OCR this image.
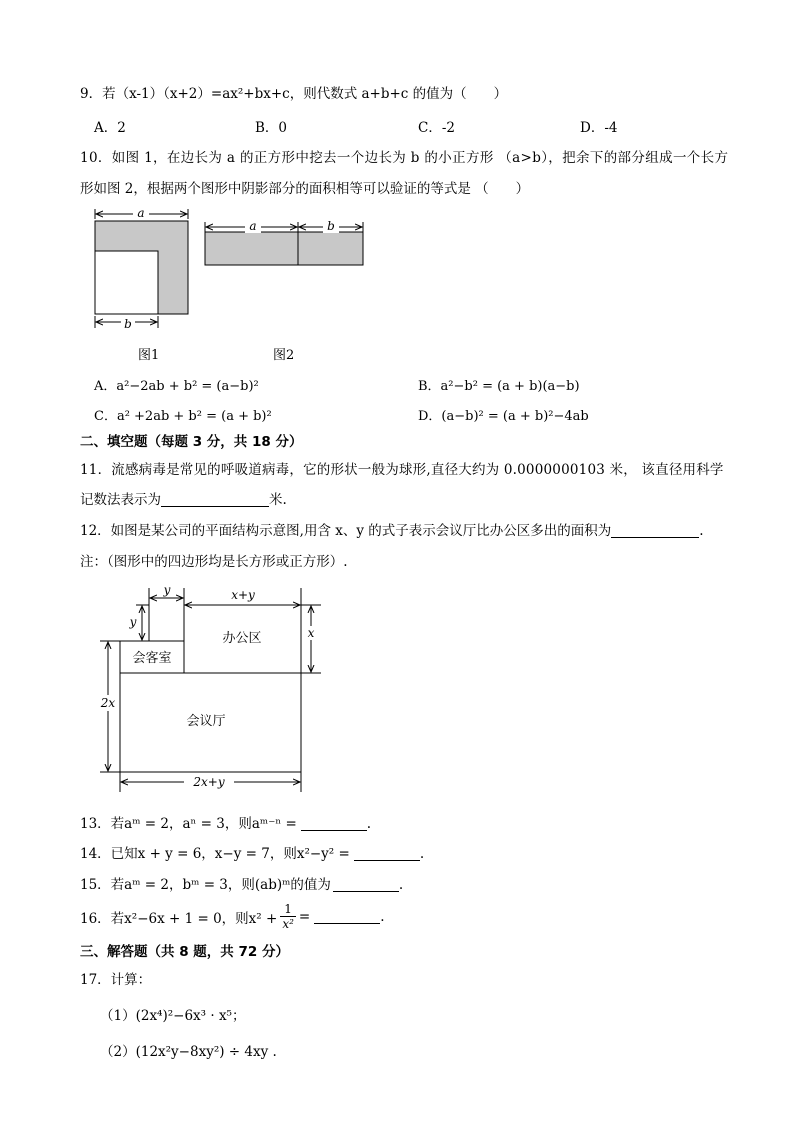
9．若（x-1）（x+2）=ax²+bx+c，则代数式 a+b+c 的值为（　　）
A．2	B．0	C．-2	D．-4
10．如图 1，在边长为 a 的正方形中挖去一个边长为 b 的小正方形 （a>b），把余下的部分组成一个长方
形如图 2，根据两个图形中阴影部分的面积相等可以验证的等式是 （　　）
a
b
图1
a	b
图2
A．a²−2ab + b² = (a−b)²	B．a²−b² = (a + b)(a−b)
C．a² +2ab + b² = (a + b)²	D．(a−b)² = (a + b)²−4ab
二、填空题（每题 3 分，共 18 分）
11．流感病毒是常见的呼吸道病毒，它的形状一般为球形,直径大约为 0.0000000103 米， 该直径用科学
记数法表示为	米.
12．如图是某公司的平面结构示意图,用含 x、y 的式子表示会议厅比办公区多出的面积为	.
注：（图形中的四边形均是长方形或正方形）.
y	x+y
y
x
2x
2x+y
会客室
办公区
会议厅
13．若aᵐ = 2，aⁿ = 3，则aᵐ⁻ⁿ =	.
14．已知x + y = 6，x−y = 7，则x²−y² =	.
15．若aᵐ = 2，bᵐ = 3，则(ab)ᵐ的值为	.
16．若x²−6x + 1 = 0，则$x^2 + \frac{1}{\text{x²}}$ =	.
三、解答题（共 8 题，共 72 分）
17．计算：
（1）(2x⁴)²−6x³ · x⁵；
（2）(12x²y−8xy²) ÷ 4xy .
